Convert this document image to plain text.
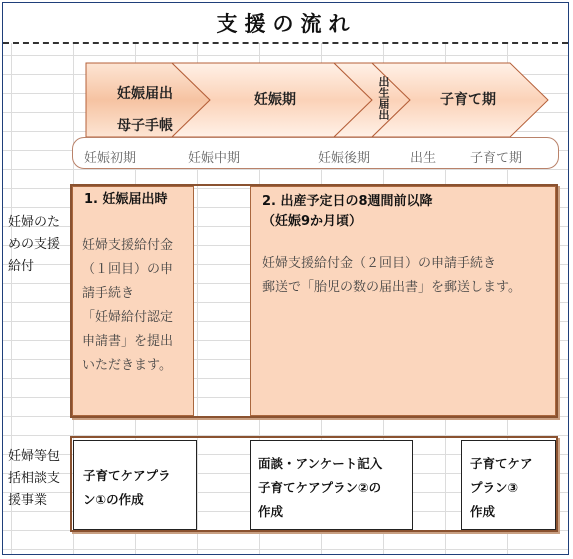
支援の流れ
妊娠届出
母子手帳
妊娠期	出生届出	子育て期
妊娠初期	妊娠中期	妊娠後期	出生	子育て期
妊婦のた
めの支援
給付
1. 妊娠届出時
妊婦支援給付金
（１回目）の申
請手続き
「妊婦給付認定
申請書」を提出
いただきます。
2. 出産予定日の8週間前以降
（妊娠9か月頃）
妊婦支援給付金（２回目）の申請手続き
郵送で「胎児の数の届出書」を郵送します。
妊婦等包
括相談支
援事業
子育てケアプラ
ン①の作成
面談・アンケート記入
子育てケアプラン②の
作成
子育てケア
プラン③
作成
